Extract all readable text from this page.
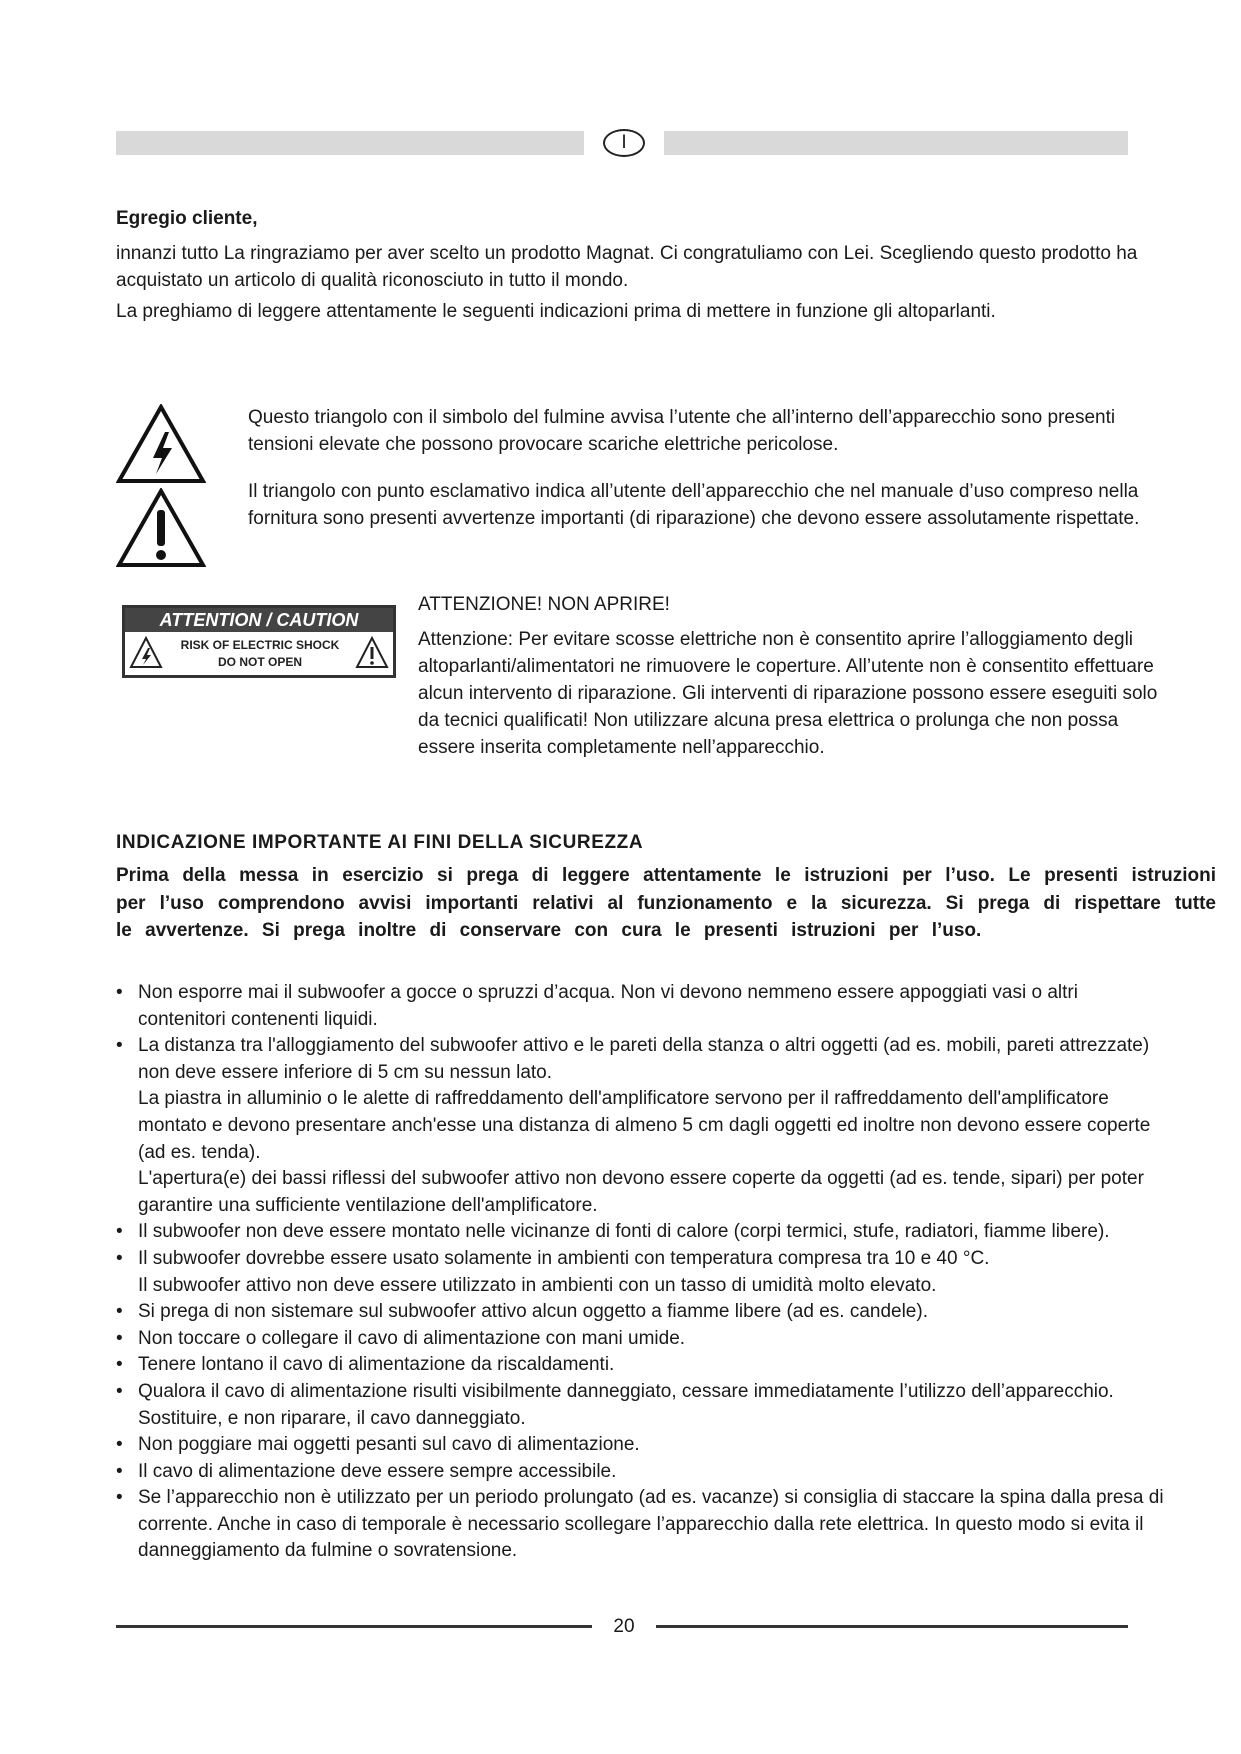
I
Egregio cliente,

innanzi tutto La ringraziamo per aver scelto un prodotto Magnat. Ci congratuliamo con Lei. Scegliendo questo prodotto ha acquistato un articolo di qualità riconosciuto in tutto il mondo.

La preghiamo di leggere attentamente le seguenti indicazioni prima di mettere in funzione gli altoparlanti.

Questo triangolo con il simbolo del fulmine avvisa l’utente che all’interno dell’apparecchio sono presenti tensioni elevate che possono provocare scariche elettriche pericolose.
Il triangolo con punto esclamativo indica all’utente dell’apparecchio che nel manuale d’uso compreso nella fornitura sono presenti avvertenze importanti (di riparazione) che devono essere assolutamente rispettate.
ATTENTION / CAUTION
RISK OF ELECTRIC SHOCK
DO NOT OPEN
ATTENZIONE! NON APRIRE!
Attenzione: Per evitare scosse elettriche non è consentito aprire l’alloggiamento degli altoparlanti/alimentatori ne rimuovere le coperture. All’utente non è consentito effettuare alcun intervento di riparazione. Gli interventi di riparazione possono essere eseguiti solo da tecnici qualificati! Non utilizzare alcuna presa elettrica o prolunga che non possa essere inserita completamente nell’apparecchio.
INDICAZIONE IMPORTANTE AI FINI DELLA SICUREZZA
Prima della messa in esercizio si prega di leggere attentamente le istruzioni per l’uso. Le presenti istruzioni per l’uso comprendono avvisi importanti relativi al funzionamento e la sicurezza. Si prega di rispettare tutte le avvertenze. Si prega inoltre di conservare con cura le presenti istruzioni per l’uso.
• Non esporre mai il subwoofer a gocce o spruzzi d’acqua. Non vi devono nemmeno essere appoggiati vasi o altri contenitori contenenti liquidi.
• La distanza tra l'alloggiamento del subwoofer attivo e le pareti della stanza o altri oggetti (ad es. mobili, pareti attrezzate) non deve essere inferiore di 5 cm su nessun lato.
La piastra in alluminio o le alette di raffreddamento dell'amplificatore servono per il raffreddamento dell'amplificatore montato e devono presentare anch'esse una distanza di almeno 5 cm dagli oggetti ed inoltre non devono essere coperte (ad es. tenda).
L'apertura(e) dei bassi riflessi del subwoofer attivo non devono essere coperte da oggetti (ad es. tende, sipari) per poter garantire una sufficiente ventilazione dell'amplificatore.
• Il subwoofer non deve essere montato nelle vicinanze di fonti di calore (corpi termici, stufe, radiatori, fiamme libere).
• Il subwoofer dovrebbe essere usato solamente in ambienti con temperatura compresa tra 10 e 40 °C.
Il subwoofer attivo non deve essere utilizzato in ambienti con un tasso di umidità molto elevato.
• Si prega di non sistemare sul subwoofer attivo alcun oggetto a fiamme libere (ad es. candele).
• Non toccare o collegare il cavo di alimentazione con mani umide.
• Tenere lontano il cavo di alimentazione da riscaldamenti.
• Qualora il cavo di alimentazione risulti visibilmente danneggiato, cessare immediatamente l’utilizzo dell’apparecchio. Sostituire, e non riparare, il cavo danneggiato.
• Non poggiare mai oggetti pesanti sul cavo di alimentazione.
• Il cavo di alimentazione deve essere sempre accessibile.
• Se l’apparecchio non è utilizzato per un periodo prolungato (ad es. vacanze) si consiglia di staccare la spina dalla presa di corrente. Anche in caso di temporale è necessario scollegare l’apparecchio dalla rete elettrica. In questo modo si evita il danneggiamento da fulmine o sovratensione.
20
